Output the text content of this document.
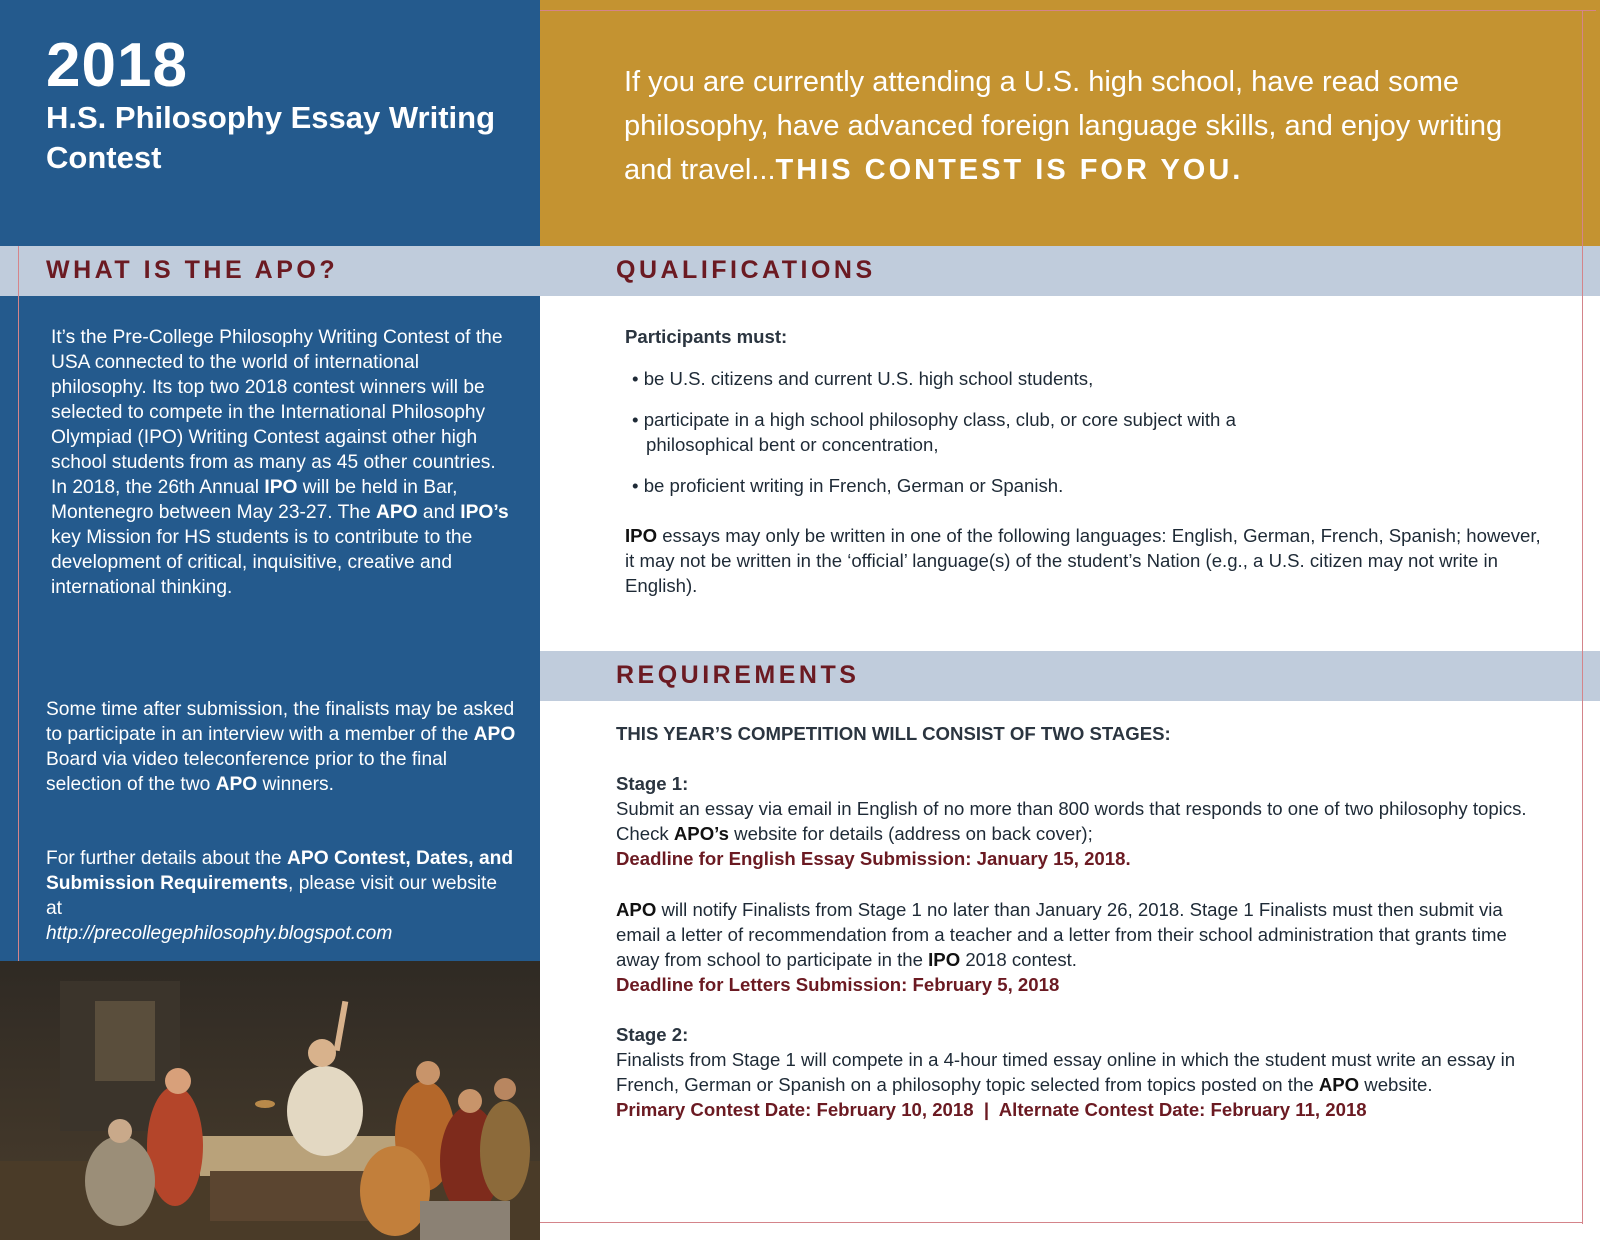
2018
H.S. Philosophy Essay Writing Contest
If you are currently attending a U.S. high school, have read some philosophy, have advanced foreign language skills, and enjoy writing and travel...THIS CONTEST IS FOR YOU.
WHAT IS THE APO?	QUALIFICATIONS
REQUIREMENTS
It’s the Pre-College Philosophy Writing Contest of the USA connected to the world of international philosophy. Its top two 2018 contest winners will be selected to compete in the International Philosophy Olympiad (IPO) Writing Contest against other high school students from as many as 45 other countries. In 2018, the 26th Annual IPO will be held in Bar, Montenegro between May 23-27. The APO and IPO’s key Mission for HS students is to contribute to the development of critical, inquisitive, creative and international thinking.
Some time after submission, the finalists may be asked to participate in an interview with a member of the APO Board via video teleconference prior to the final selection of the two APO winners.
For further details about the APO Contest, Dates, and Submission Requirements, please visit our website at
http://precollegephilosophy.blogspot.com
Participants must:
• be U.S. citizens and current U.S. high school students,
• participate in a high school philosophy class, club, or core subject with a philosophical bent or concentration,
• be proficient writing in French, German or Spanish.
IPO essays may only be written in one of the following languages: English, German, French, Spanish; however, it may not be written in the ‘official’ language(s) of the student’s Nation (e.g., a U.S. citizen may not write in English).
THIS YEAR’S COMPETITION WILL CONSIST OF TWO STAGES:
Stage 1:
Submit an essay via email in English of no more than 800 words that responds to one of two philosophy topics. Check APO’s website for details (address on back cover);
Deadline for English Essay Submission: January 15, 2018.
APO will notify Finalists from Stage 1 no later than January 26, 2018. Stage 1 Finalists must then submit via email a letter of recommendation from a teacher and a letter from their school administration that grants time away from school to participate in the IPO 2018 contest.
Deadline for Letters Submission: February 5, 2018
Stage 2:
Finalists from Stage 1 will compete in a 4-hour timed essay online in which the student must write an essay in French, German or Spanish on a philosophy topic selected from topics posted on the APO website.
Primary Contest Date: February 10, 2018  |  Alternate Contest Date: February 11, 2018
